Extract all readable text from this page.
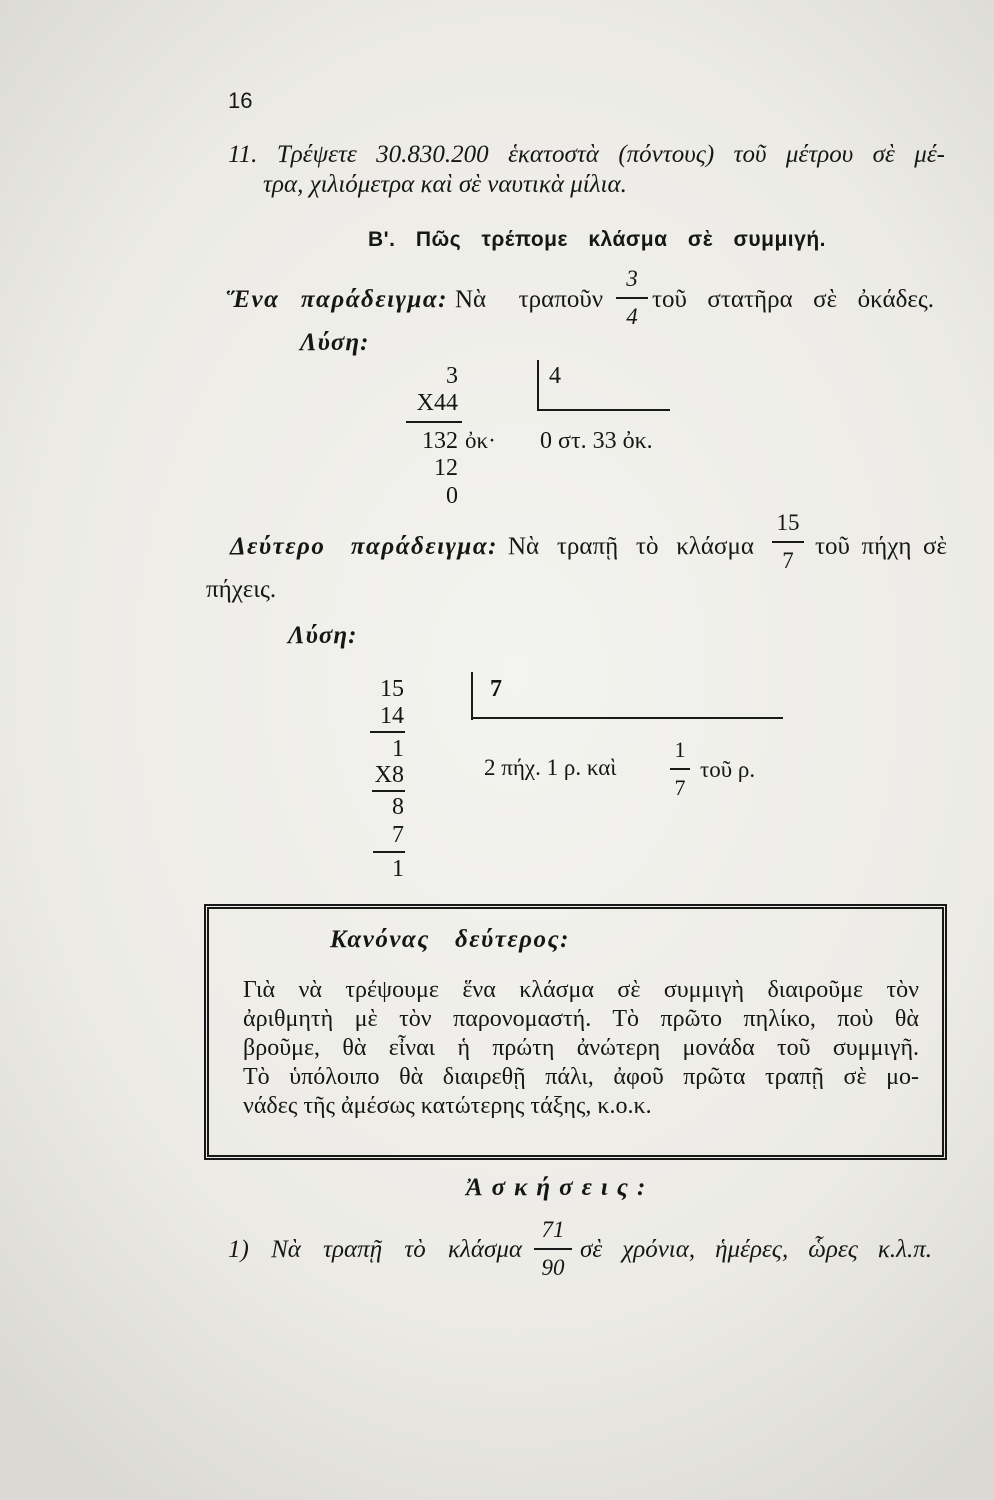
16
11. Τρέψετε 30.830.200 ἑκατοστὰ (πόντους) τοῦ μέτρου σὲ μέ-
τρα, χιλιόμετρα καὶ σὲ ναυτικὰ μίλια.
Β'. Πῶς τρέπομε κλάσμα σὲ συμμιγή.
Ἕνα παράδειγμα: Νὰ τραποῦν
3
4
τοῦ στατῆρα σὲ ὀκάδες.
Λύση:
3
X44
132 ὀκ·
12
0
4
0 στ. 33 ὀκ.
Δεύτερο παράδειγμα: Νὰ τραπῇ τὸ κλάσμα
15
7 τοῦ πήχη σὲ
πήχεις.
Λύση:
15
14
1
X8
8
7
1
7
2 πήχ. 1 ρ. καὶ
1
7
τοῦ ρ.
Κανόνας δεύτερος:
Γιὰ νὰ τρέψουμε ἕνα κλάσμα σὲ συμμιγὴ διαιροῦμε τὸν
ἀριθμητὴ μὲ τὸν παρονομαστή. Τὸ πρῶτο πηλίκο, ποὺ θὰ
βροῦμε, θὰ εἶναι ἡ πρώτη ἀνώτερη μονάδα τοῦ συμμιγῆ.
Τὸ ὑπόλοιπο θὰ διαιρεθῇ πάλι, ἀφοῦ πρῶτα τραπῇ σὲ μο-
νάδες τῆς ἀμέσως κατώτερης τάξης, κ.ο.κ.
Ἀσκήσεις:
1) Νὰ τραπῇ τὸ κλάσμα
71
90
σὲ χρόνια, ἡμέρες, ὧρες κ.λ.π.
